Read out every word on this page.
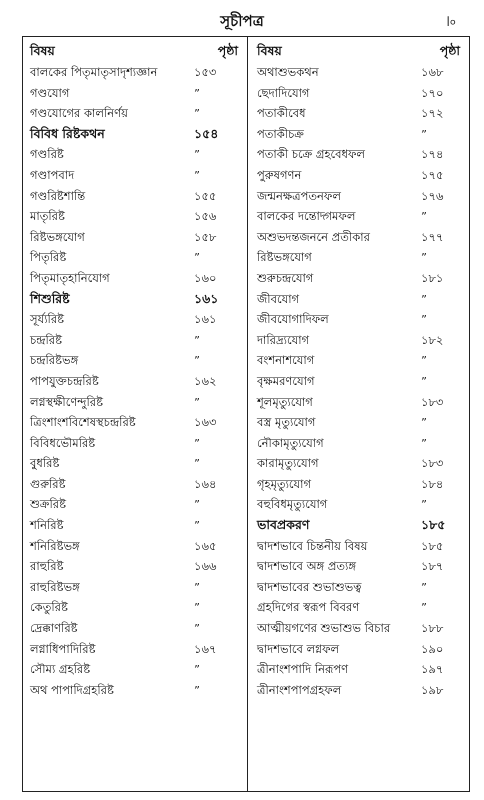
সূচীপত্র	।৹
বিষয়	পৃষ্ঠা
বালকের পিতৃমাতৃসাদৃশ্যজ্ঞান	১৫৩
গণ্ডযোগ	”
গণ্ডযোগের কালনির্ণয়	”
বিবিধ রিষ্টকথন	১৫৪
গণ্ডরিষ্ট	”
গণ্ডাপবাদ	”
গণ্ডরিষ্টশান্তি	১৫৫
মাতৃরিষ্ট	১৫৬
রিষ্টভঙ্গযোগ	১৫৮
পিতৃরিষ্ট	”
পিতৃমাতৃহানিযোগ	১৬০
শিশুরিষ্ট	১৬১
সূর্য্যরিষ্ট	১৬১
চন্দ্ররিষ্ট	”
চন্দ্ররিষ্টভঙ্গ	”
পাপযুক্তচন্দ্ররিষ্ট	১৬২
লগ্নস্থক্ষীণেন্দুরিষ্ট	”
ত্রিংশাংশবিশেষস্থচন্দ্ররিষ্ট	১৬৩
বিবিধভৌমরিষ্ট	”
বুধরিষ্ট	”
গুরুরিষ্ট	১৬৪
শুক্ররিষ্ট	”
শনিরিষ্ট	”
শনিরিষ্টভঙ্গ	১৬৫
রাহুরিষ্ট	১৬৬
রাহুরিষ্টভঙ্গ	”
কেতুরিষ্ট	”
দ্রেক্কাণরিষ্ট	”
লগ্নাধিপাদিরিষ্ট	১৬৭
সৌম্য গ্রহরিষ্ট	”
অথ পাপাদিগ্রহরিষ্ট	”
বিষয়	পৃষ্ঠা
অথাশুভকথন	১৬৮
ছেদাদিযোগ	১৭০
পতাকীবেধ	১৭২
পতাকীচক্র	”
পতাকী চক্রে গ্রহবেধফল	১৭৪
পুরুষগণন	১৭৫
জন্মনক্ষত্রপতনফল	১৭৬
বালকের দন্তোদ্গমফল	”
অশুভদন্তজননে প্রতীকার	১৭৭
রিষ্টভঙ্গযোগ	”
শুরুচন্দ্রযোগ	১৮১
জীবযোগ	”
জীবযোগাদিফল	”
দারিদ্র্যযোগ	১৮২
বংশনাশযোগ	”
বৃক্ষমরণযোগ	”
শূলমৃত্যুযোগ	১৮৩
বস্ত্র মৃত্যুযোগ	”
নৌকামৃত্যুযোগ	”
কারামৃত্যুযোগ	১৮৩
গৃহমৃত্যুযোগ	১৮৪
বহুবিধমৃত্যুযোগ	”
ভাবপ্রকরণ	১৮৫
দ্বাদশভাবে চিন্তনীয় বিষয়	১৮৫
দ্বাদশভাবে অঙ্গ প্রত্যঙ্গ	১৮৭
দ্বাদশভাবের শুভাশুভত্ব	”
গ্রহদিগের স্বরূপ বিবরণ	”
আত্মীয়গণের শুভাশুভ বিচার	১৮৮
দ্বাদশভাবে লগ্নফল	১৯০
ত্রীনাংশপাদি নিরূপণ	১৯৭
ত্রীনাংশপাপগ্রহফল	১৯৮
